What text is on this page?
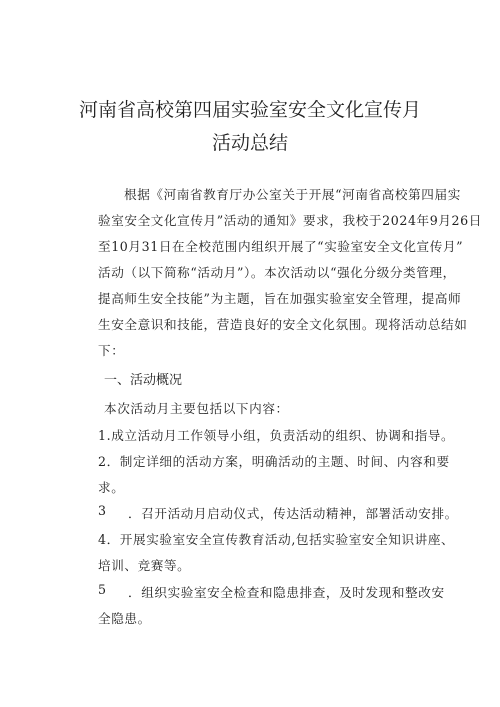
河南省高校第四届实验室安全文化宣传月
活动总结
根据《河南省教育厅办公室关于开展“河南省高校第四届实
验室安全文化宣传月”活动的通知》要求，我校于2024年9月26日
至10月31日在全校范围内组织开展了“实验室安全文化宣传月”
活动（以下简称“活动月”）。本次活动以“强化分级分类管理，
提高师生安全技能”为主题，旨在加强实验室安全管理，提高师
生安全意识和技能，营造良好的安全文化氛围。现将活动总结如
下：
一、活动概况
本次活动月主要包括以下内容：
1.成立活动月工作领导小组，负责活动的组织、协调和指导。
2．制定详细的活动方案，明确活动的主题、时间、内容和要
求。
3 ．召开活动月启动仪式，传达活动精神，部署活动安排。
4．开展实验室安全宣传教育活动,包括实验室安全知识讲座、
培训、竞赛等。
5 ．组织实验室安全检查和隐患排查，及时发现和整改安
全隐患。
